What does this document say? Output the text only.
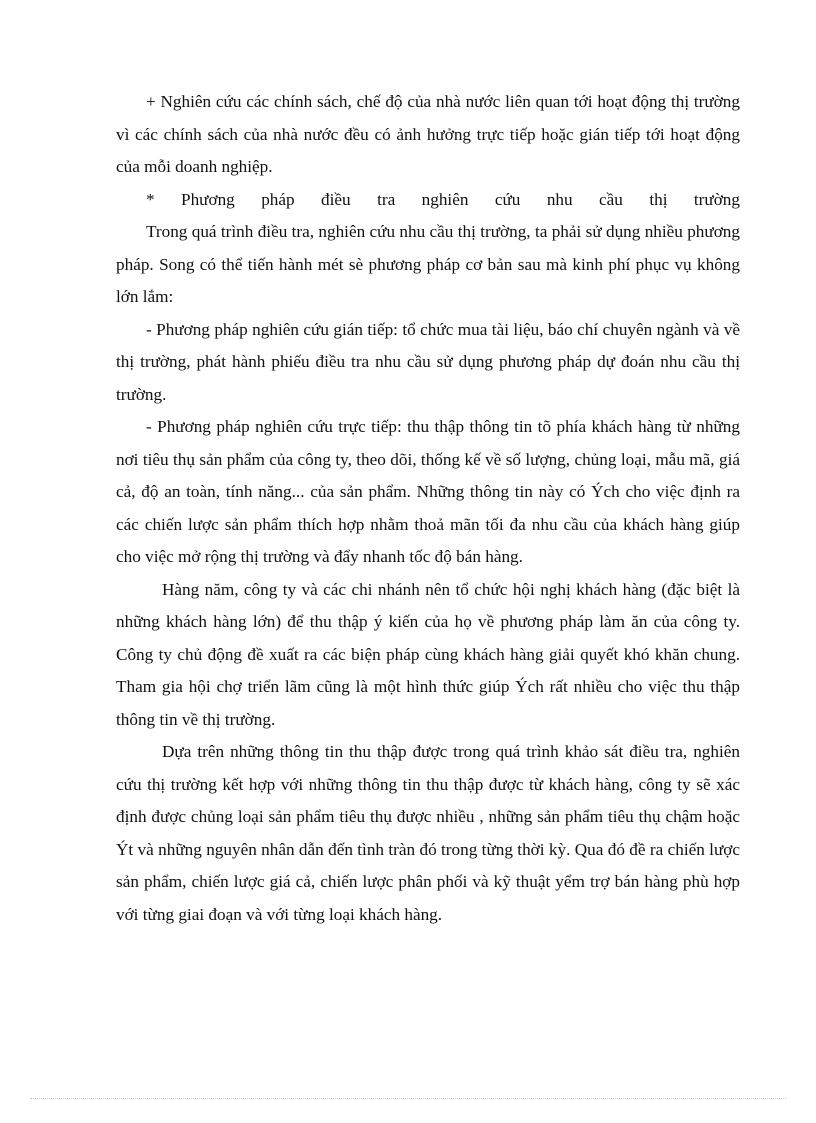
+ Nghiên cứu các chính sách, chế độ của nhà nước liên quan tới hoạt động thị trường vì các chính sách của nhà nước đều có ảnh hưởng trực tiếp hoặc gián tiếp tới hoạt động của mỗi doanh nghiệp.

* Phương pháp điều tra nghiên cứu nhu cầu thị trường

Trong quá trình điều tra, nghiên cứu nhu cầu thị trường, ta phải sử dụng nhiều phương pháp. Song có thể tiến hành mét sè phương pháp cơ bản sau mà kinh phí phục vụ không lớn lắm:

- Phương pháp nghiên cứu gián tiếp: tổ chức mua tài liệu, báo chí chuyên ngành và về thị trường, phát hành phiếu điều tra nhu cầu sử dụng phương pháp dự đoán nhu cầu thị trường.

- Phương pháp nghiên cứu trực tiếp: thu thập thông tin tõ phía khách hàng từ những nơi tiêu thụ sản phẩm của công ty, theo dõi, thống kế về số lượng, chủng loại, mẫu mã, giá cả, độ an toàn, tính năng... của sản phẩm. Những thông tin này có Ých cho việc định ra các chiến lược sản phẩm thích hợp nhằm thoả mãn tối đa nhu cầu của khách hàng giúp cho việc mở rộng thị trường và đẩy nhanh tốc độ bán hàng.

Hàng năm, công ty và các chi nhánh nên tổ chức hội nghị khách hàng (đặc biệt là những khách hàng lớn) để thu thập ý kiến của họ về phương pháp làm ăn của công ty. Công ty chủ động đề xuất ra các biện pháp cùng khách hàng giải quyết khó khăn chung. Tham gia hội chợ triển lãm cũng là một hình thức giúp Ých rất nhiều cho việc thu thập thông tin về thị trường.

Dựa trên những thông tin thu thập được trong quá trình khảo sát điều tra, nghiên cứu thị trường kết hợp với những thông tin thu thập được từ khách hàng, công ty sẽ xác định được chủng loại sản phẩm tiêu thụ được nhiều , những sản phẩm tiêu thụ chậm hoặc Ýt và những nguyên nhân dẫn đến tình tràn đó trong từng thời kỳ. Qua đó đề ra chiến lược sản phẩm, chiến lược giá cả, chiến lược phân phối và kỹ thuật yểm trợ bán hàng phù hợp với từng giai đoạn và với từng loại khách hàng.
